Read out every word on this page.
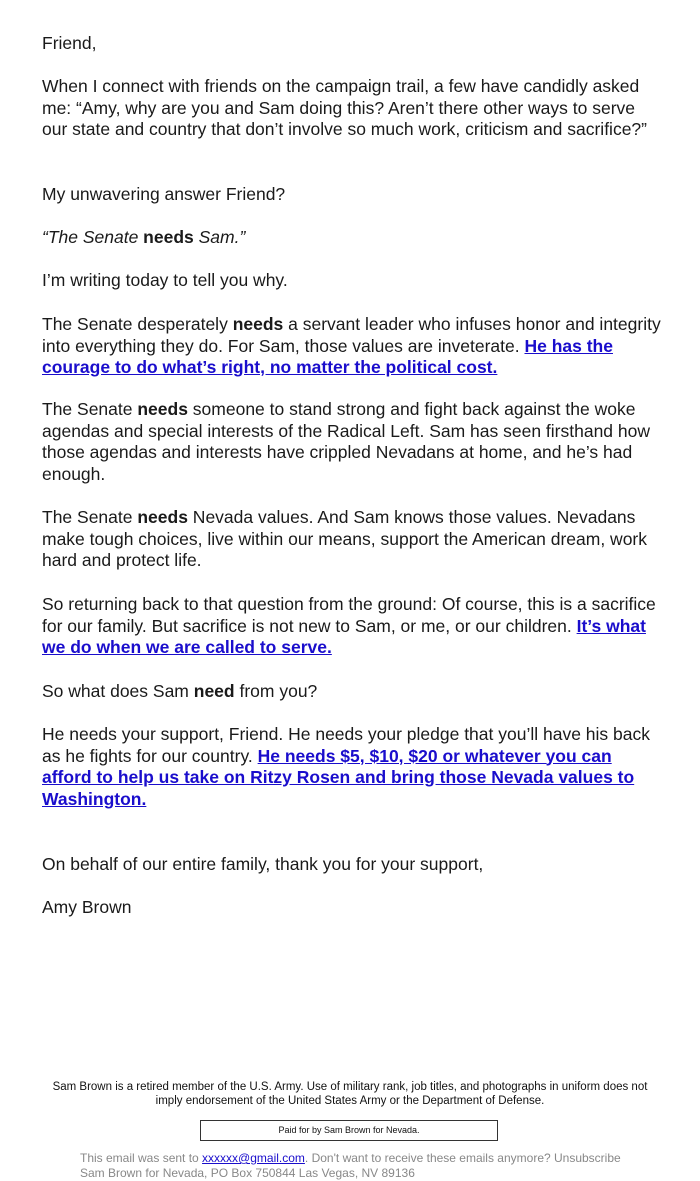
Friend,

When I connect with friends on the campaign trail, a few have candidly asked me: “Amy, why are you and Sam doing this? Aren’t there other ways to serve our state and country that don’t involve so much work, criticism and sacrifice?”

My unwavering answer Friend?

“The Senate needs Sam.”

I’m writing today to tell you why.

The Senate desperately needs a servant leader who infuses honor and integrity into everything they do. For Sam, those values are inveterate. He has the courage to do what’s right, no matter the political cost.

The Senate needs someone to stand strong and fight back against the woke agendas and special interests of the Radical Left. Sam has seen firsthand how those agendas and interests have crippled Nevadans at home, and he’s had enough.

The Senate needs Nevada values. And Sam knows those values. Nevadans make tough choices, live within our means, support the American dream, work hard and protect life.

So returning back to that question from the ground: Of course, this is a sacrifice for our family. But sacrifice is not new to Sam, or me, or our children. It’s what we do when we are called to serve.

So what does Sam need from you?

He needs your support, Friend. He needs your pledge that you’ll have his back as he fights for our country. He needs $5, $10, $20 or whatever you can afford to help us take on Ritzy Rosen and bring those Nevada values to Washington.

On behalf of our entire family, thank you for your support,

Amy Brown

Sam Brown is a retired member of the U.S. Army. Use of military rank, job titles, and photographs in uniform does not imply endorsement of the United States Army or the Department of Defense.
Paid for by Sam Brown for Nevada.
This email was sent to xxxxxx@gmail.com. Don't want to receive these emails anymore? Unsubscribe
Sam Brown for Nevada, PO Box 750844 Las Vegas, NV 89136
